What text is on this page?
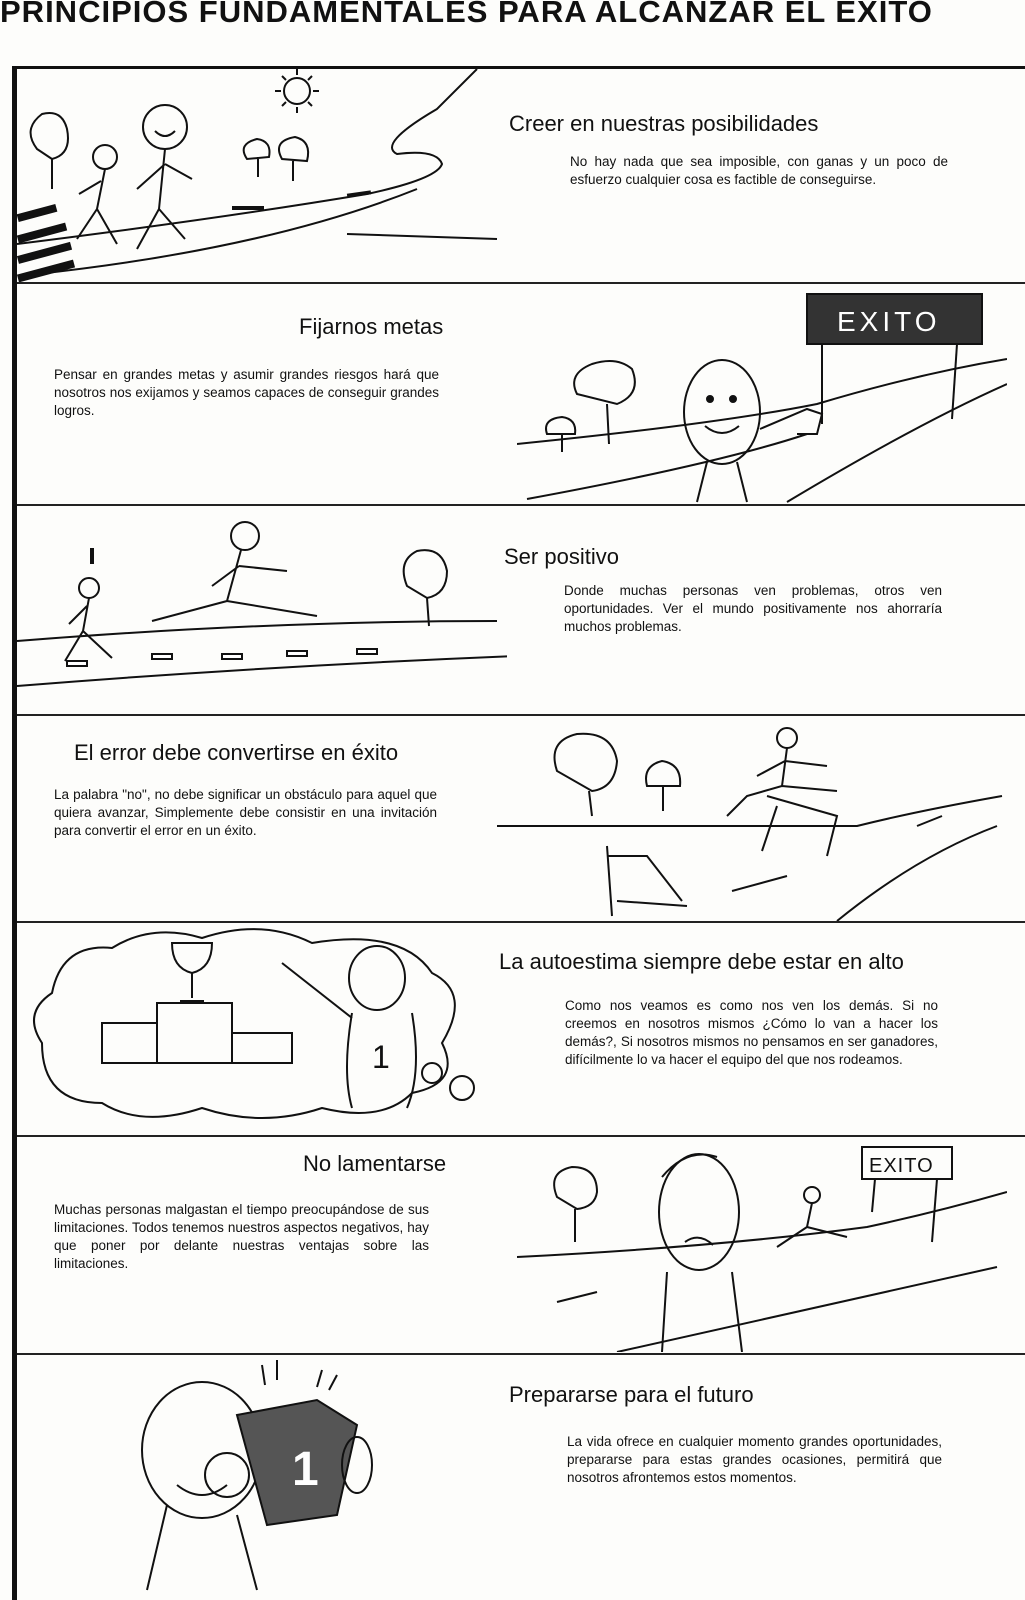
PRINCIPIOS FUNDAMENTALES PARA ALCANZAR EL EXITO
Creer en nuestras posibilidades

No hay nada que sea imposible, con ganas y un poco de esfuerzo cualquier cosa es factible de conseguirse.

Fijarnos metas

Pensar en grandes metas y asumir grandes riesgos hará que nosotros nos exijamos y seamos capaces de conseguir grandes logros.

EXITO
Ser positivo

Donde muchas personas ven problemas, otros ven oportunidades. Ver el mundo positivamente nos ahorraría muchos problemas.

El error debe convertirse en éxito

La palabra "no", no debe significar un obstáculo para aquel que quiera avanzar, Simplemente debe consistir en una invitación para convertir el error en un éxito.

1
La autoestima siempre debe estar en alto

Como nos veamos es como nos ven los demás. Si no creemos en nosotros mismos ¿Cómo lo van a hacer los demás?, Si nosotros mismos no pensamos en ser ganadores, difícilmente lo va hacer el equipo del que nos rodeamos.

No lamentarse

Muchas personas malgastan el tiempo preocupándose de sus limitaciones. Todos tenemos nuestros aspectos negativos, hay que poner por delante nuestras ventajas sobre las limitaciones.

EXITO
1
Prepararse para el futuro

La vida ofrece en cualquier momento grandes oportunidades, prepararse para estas grandes ocasiones, permitirá que nosotros afrontemos estos momentos.
